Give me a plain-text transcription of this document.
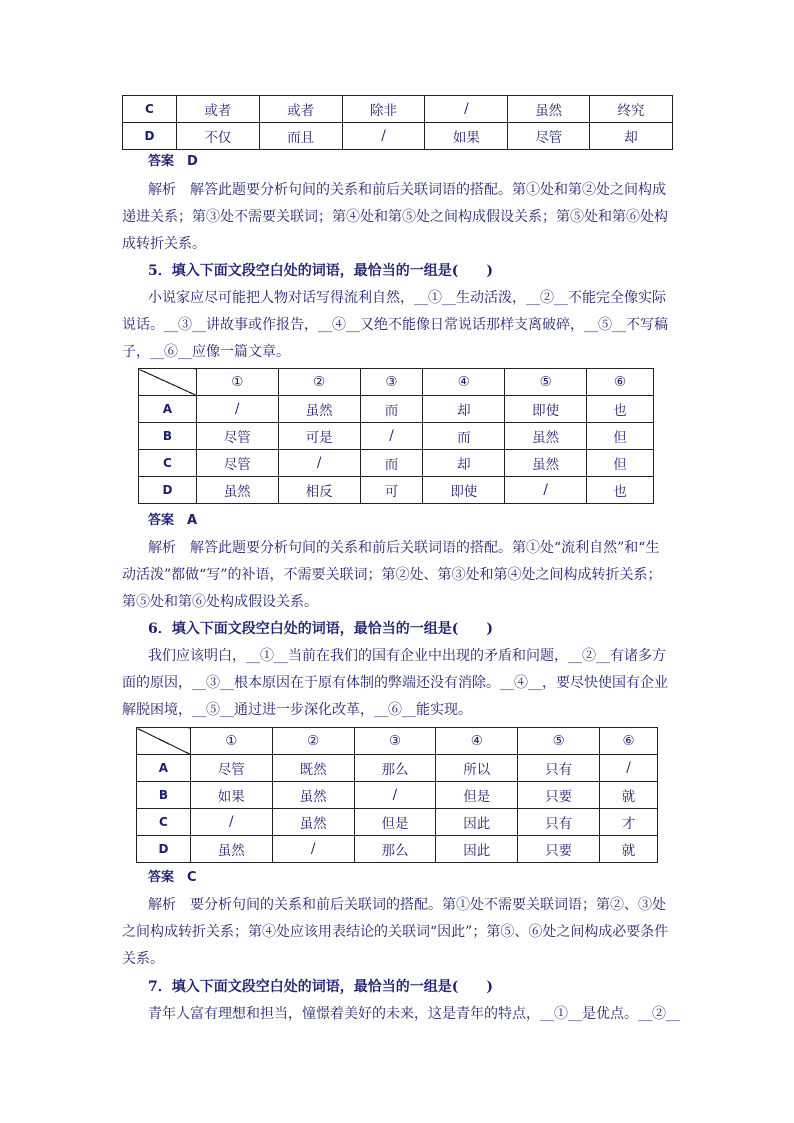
C	或者	或者	除非	/	虽然	终究
D	不仅	而且	/	如果	尽管	却
答案　D
解析　解答此题要分析句间的关系和前后关联词语的搭配。第①处和第②处之间构成
递进关系；第③处不需要关联词；第④处和第⑤处之间构成假设关系；第⑤处和第⑥处构
成转折关系。
5．填入下面文段空白处的词语，最恰当的一组是(　　)
小说家应尽可能把人物对话写得流利自然，__①__生动活泼，__②__不能完全像实际
说话。__③__讲故事或作报告，__④__又绝不能像日常说话那样支离破碎，__⑤__不写稿
子，__⑥__应像一篇文章。
	①	②	③	④	⑤	⑥
A	/	虽然	而	却	即使	也
B	尽管	可是	/	而	虽然	但
C	尽管	/	而	却	虽然	但
D	虽然	相反	可	即使	/	也
答案　A
解析　解答此题要分析句间的关系和前后关联词语的搭配。第①处“流利自然”和“生
动活泼”都做“写”的补语，不需要关联词；第②处、第③处和第④处之间构成转折关系；
第⑤处和第⑥处构成假设关系。
6．填入下面文段空白处的词语，最恰当的一组是(　　)
我们应该明白，__①__当前在我们的国有企业中出现的矛盾和问题，__②__有诸多方
面的原因，__③__根本原因在于原有体制的弊端还没有消除。__④__，要尽快使国有企业
解脱困境，__⑤__通过进一步深化改革，__⑥__能实现。
	①	②	③	④	⑤	⑥
A	尽管	既然	那么	所以	只有	/
B	如果	虽然	/	但是	只要	就
C	/	虽然	但是	因此	只有	才
D	虽然	/	那么	因此	只要	就
答案　C
解析　要分析句间的关系和前后关联词的搭配。第①处不需要关联词语；第②、③处
之间构成转折关系；第④处应该用表结论的关联词“因此”；第⑤、⑥处之间构成必要条件
关系。
7．填入下面文段空白处的词语，最恰当的一组是(　　)
青年人富有理想和担当，憧憬着美好的未来，这是青年的特点，__①__是优点。__②__
